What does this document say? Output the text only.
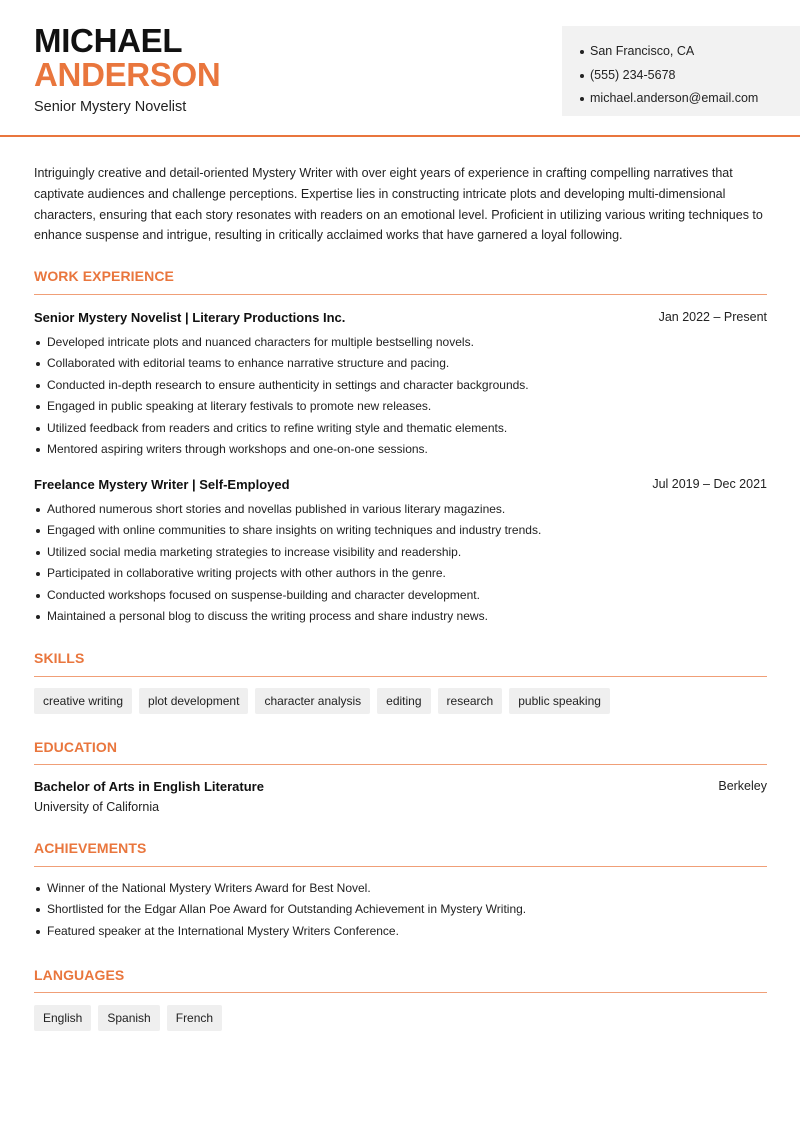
MICHAEL
ANDERSON
Senior Mystery Novelist
San Francisco, CA
(555) 234-5678
michael.anderson@email.com

Intriguingly creative and detail-oriented Mystery Writer with over eight years of experience in crafting compelling narratives that captivate audiences and challenge perceptions. Expertise lies in constructing intricate plots and developing multi-dimensional characters, ensuring that each story resonates with readers on an emotional level. Proficient in utilizing various writing techniques to enhance suspense and intrigue, resulting in critically acclaimed works that have garnered a loyal following.

WORK EXPERIENCE
Senior Mystery Novelist | Literary Productions Inc.	Jan 2022 – Present
Developed intricate plots and nuanced characters for multiple bestselling novels.
Collaborated with editorial teams to enhance narrative structure and pacing.
Conducted in-depth research to ensure authenticity in settings and character backgrounds.
Engaged in public speaking at literary festivals to promote new releases.
Utilized feedback from readers and critics to refine writing style and thematic elements.
Mentored aspiring writers through workshops and one-on-one sessions.
Freelance Mystery Writer | Self-Employed	Jul 2019 – Dec 2021
Authored numerous short stories and novellas published in various literary magazines.
Engaged with online communities to share insights on writing techniques and industry trends.
Utilized social media marketing strategies to increase visibility and readership.
Participated in collaborative writing projects with other authors in the genre.
Conducted workshops focused on suspense-building and character development.
Maintained a personal blog to discuss the writing process and share industry news.
SKILLS
creative writing	plot development	character analysis	editing	research	public speaking
EDUCATION
Bachelor of Arts in English Literature
University of California
Berkeley
ACHIEVEMENTS
Winner of the National Mystery Writers Award for Best Novel.
Shortlisted for the Edgar Allan Poe Award for Outstanding Achievement in Mystery Writing.
Featured speaker at the International Mystery Writers Conference.
LANGUAGES
English	Spanish	French
